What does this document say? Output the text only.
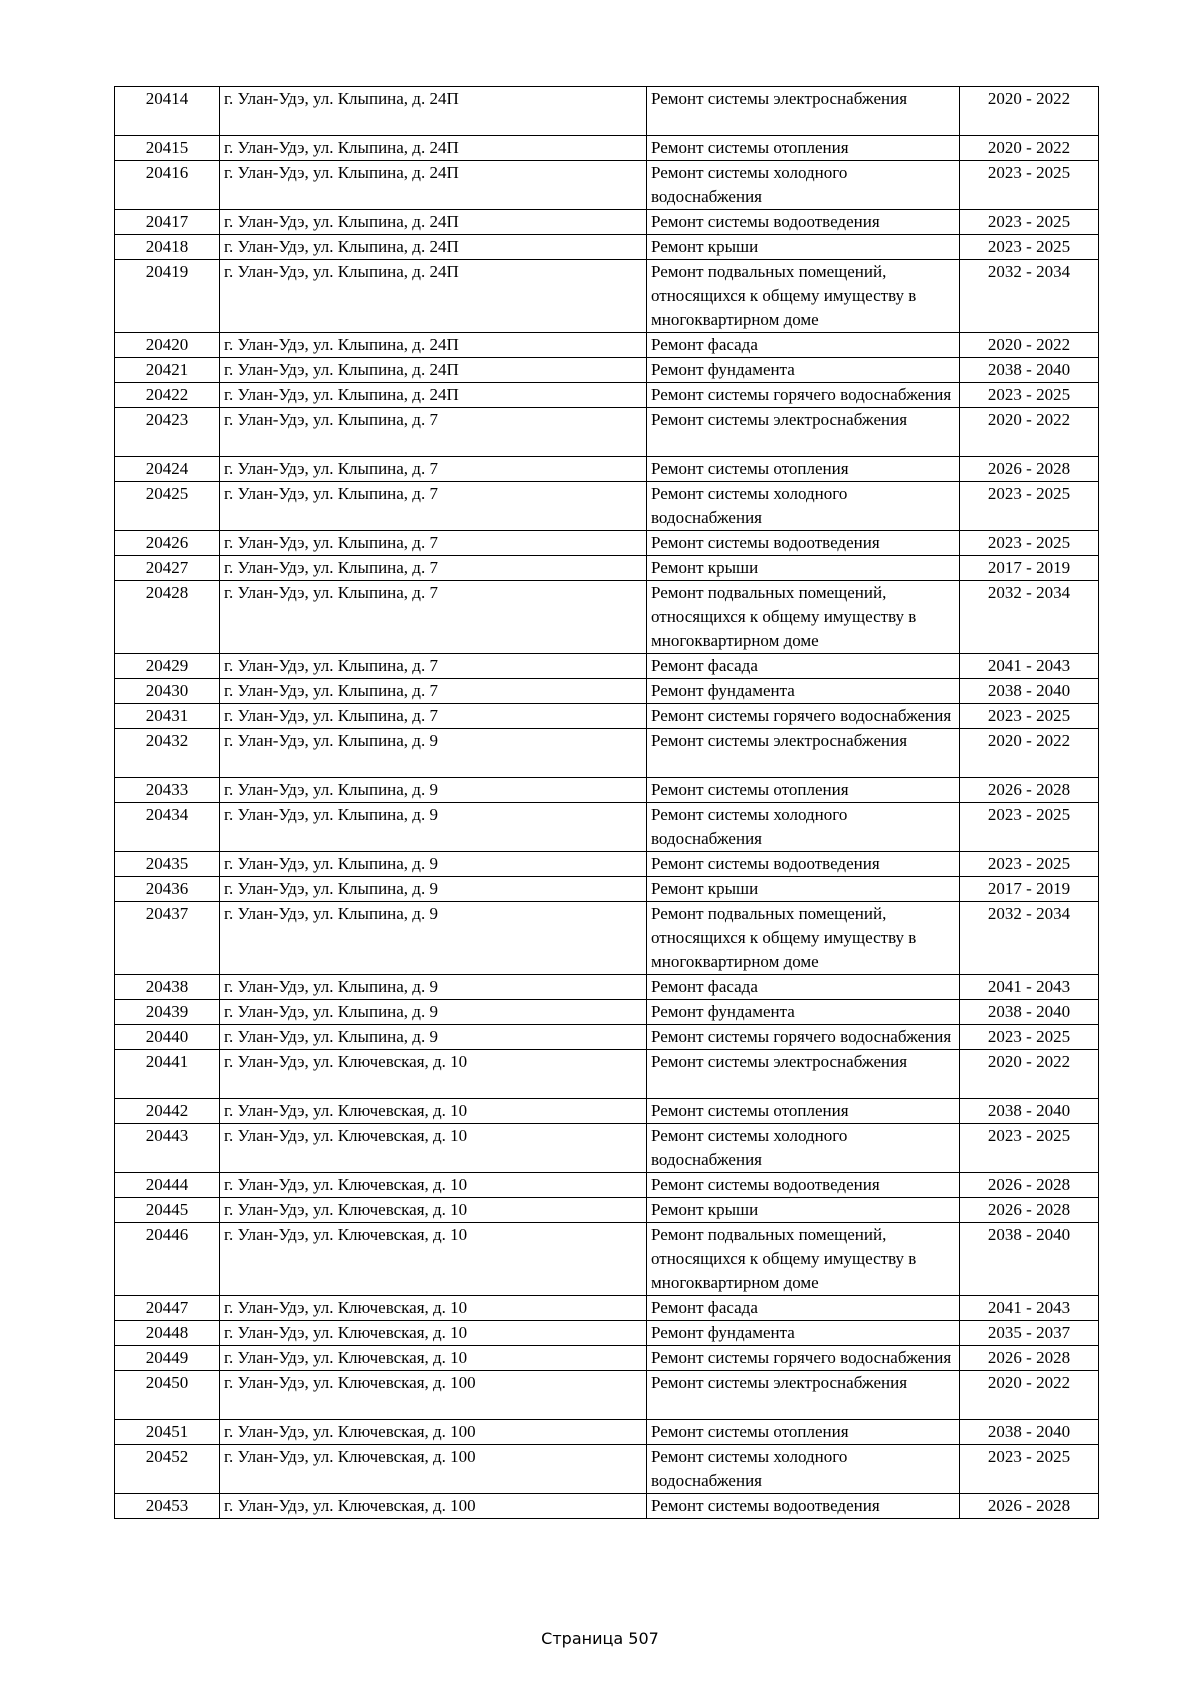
20414	г. Улан-Удэ, ул. Клыпина, д. 24П	Ремонт системы электроснабжения	2020 - 2022
20415	г. Улан-Удэ, ул. Клыпина, д. 24П	Ремонт системы отопления	2020 - 2022
20416	г. Улан-Удэ, ул. Клыпина, д. 24П	Ремонт системы холодного водоснабжения	2023 - 2025
20417	г. Улан-Удэ, ул. Клыпина, д. 24П	Ремонт системы водоотведения	2023 - 2025
20418	г. Улан-Удэ, ул. Клыпина, д. 24П	Ремонт крыши	2023 - 2025
20419	г. Улан-Удэ, ул. Клыпина, д. 24П	Ремонт подвальных помещений, относящихся к общему имуществу в многоквартирном доме	2032 - 2034
20420	г. Улан-Удэ, ул. Клыпина, д. 24П	Ремонт фасада	2020 - 2022
20421	г. Улан-Удэ, ул. Клыпина, д. 24П	Ремонт фундамента	2038 - 2040
20422	г. Улан-Удэ, ул. Клыпина, д. 24П	Ремонт системы горячего водоснабжения	2023 - 2025
20423	г. Улан-Удэ, ул. Клыпина, д. 7	Ремонт системы электроснабжения	2020 - 2022
20424	г. Улан-Удэ, ул. Клыпина, д. 7	Ремонт системы отопления	2026 - 2028
20425	г. Улан-Удэ, ул. Клыпина, д. 7	Ремонт системы холодного водоснабжения	2023 - 2025
20426	г. Улан-Удэ, ул. Клыпина, д. 7	Ремонт системы водоотведения	2023 - 2025
20427	г. Улан-Удэ, ул. Клыпина, д. 7	Ремонт крыши	2017 - 2019
20428	г. Улан-Удэ, ул. Клыпина, д. 7	Ремонт подвальных помещений, относящихся к общему имуществу в многоквартирном доме	2032 - 2034
20429	г. Улан-Удэ, ул. Клыпина, д. 7	Ремонт фасада	2041 - 2043
20430	г. Улан-Удэ, ул. Клыпина, д. 7	Ремонт фундамента	2038 - 2040
20431	г. Улан-Удэ, ул. Клыпина, д. 7	Ремонт системы горячего водоснабжения	2023 - 2025
20432	г. Улан-Удэ, ул. Клыпина, д. 9	Ремонт системы электроснабжения	2020 - 2022
20433	г. Улан-Удэ, ул. Клыпина, д. 9	Ремонт системы отопления	2026 - 2028
20434	г. Улан-Удэ, ул. Клыпина, д. 9	Ремонт системы холодного водоснабжения	2023 - 2025
20435	г. Улан-Удэ, ул. Клыпина, д. 9	Ремонт системы водоотведения	2023 - 2025
20436	г. Улан-Удэ, ул. Клыпина, д. 9	Ремонт крыши	2017 - 2019
20437	г. Улан-Удэ, ул. Клыпина, д. 9	Ремонт подвальных помещений, относящихся к общему имуществу в многоквартирном доме	2032 - 2034
20438	г. Улан-Удэ, ул. Клыпина, д. 9	Ремонт фасада	2041 - 2043
20439	г. Улан-Удэ, ул. Клыпина, д. 9	Ремонт фундамента	2038 - 2040
20440	г. Улан-Удэ, ул. Клыпина, д. 9	Ремонт системы горячего водоснабжения	2023 - 2025
20441	г. Улан-Удэ, ул. Ключевская, д. 10	Ремонт системы электроснабжения	2020 - 2022
20442	г. Улан-Удэ, ул. Ключевская, д. 10	Ремонт системы отопления	2038 - 2040
20443	г. Улан-Удэ, ул. Ключевская, д. 10	Ремонт системы холодного водоснабжения	2023 - 2025
20444	г. Улан-Удэ, ул. Ключевская, д. 10	Ремонт системы водоотведения	2026 - 2028
20445	г. Улан-Удэ, ул. Ключевская, д. 10	Ремонт крыши	2026 - 2028
20446	г. Улан-Удэ, ул. Ключевская, д. 10	Ремонт подвальных помещений, относящихся к общему имуществу в многоквартирном доме	2038 - 2040
20447	г. Улан-Удэ, ул. Ключевская, д. 10	Ремонт фасада	2041 - 2043
20448	г. Улан-Удэ, ул. Ключевская, д. 10	Ремонт фундамента	2035 - 2037
20449	г. Улан-Удэ, ул. Ключевская, д. 10	Ремонт системы горячего водоснабжения	2026 - 2028
20450	г. Улан-Удэ, ул. Ключевская, д. 100	Ремонт системы электроснабжения	2020 - 2022
20451	г. Улан-Удэ, ул. Ключевская, д. 100	Ремонт системы отопления	2038 - 2040
20452	г. Улан-Удэ, ул. Ключевская, д. 100	Ремонт системы холодного водоснабжения	2023 - 2025
20453	г. Улан-Удэ, ул. Ключевская, д. 100	Ремонт системы водоотведения	2026 - 2028
Страница 507
